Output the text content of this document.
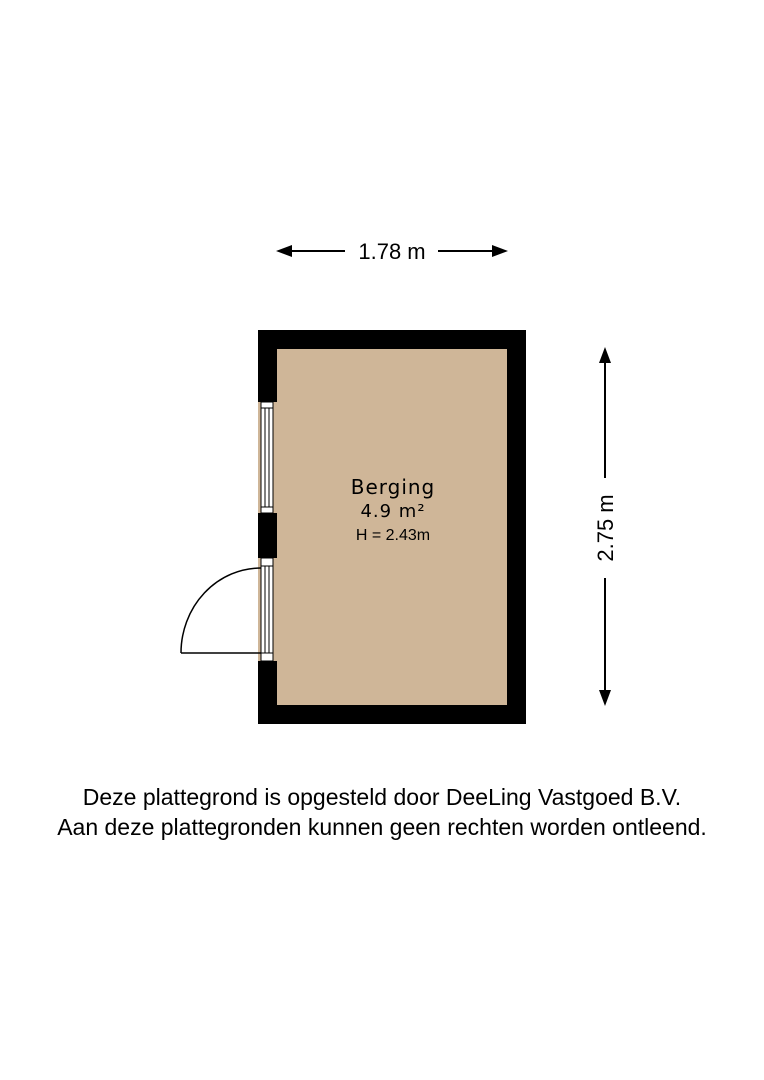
1.78 m
2.75 m
Berging
4.9 m²
H = 2.43m

Deze plattegrond is opgesteld door DeeLing Vastgoed B.V.

Aan deze plattegronden kunnen geen rechten worden ontleend.
